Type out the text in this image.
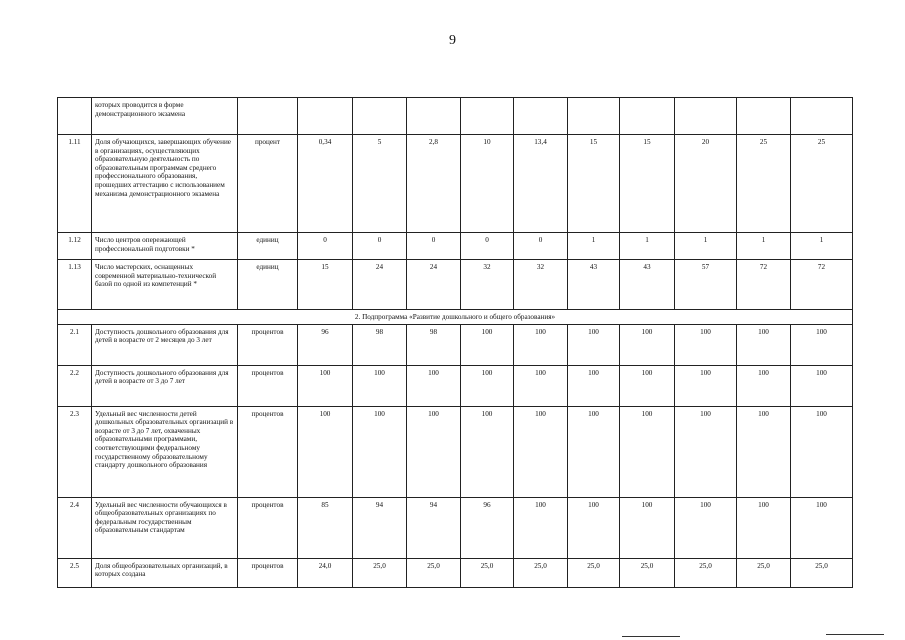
9
	которых проводится в форме демонстрационного экзамена											
1.11	Доля обучающихся, завершающих обучение в организациях, осуществляющих образовательную деятельность по образовательным программам среднего профессионального образования, прошедших аттестацию с использованием механизма демонстрационного экзамена	процент	0,34	5	2,8	10	13,4	15	15	20	25	25
1.12	Число центров опережающей профессиональной подготовки *	единиц	0	0	0	0	0	1	1	1	1	1
1.13	Число мастерских, оснащенных современной материально-технической базой по одной из компетенций *	единиц	15	24	24	32	32	43	43	57	72	72
2. Подпрограмма «Развитие дошкольного и общего образования»												
2.1	Доступность дошкольного образования для детей в возрасте от 2 месяцев до 3 лет	процентов	96	98	98	100	100	100	100	100	100	100
2.2	Доступность дошкольного образования для детей в возрасте от 3 до 7 лет	процентов	100	100	100	100	100	100	100	100	100	100
2.3	Удельный вес численности детей дошкольных образовательных организаций в возрасте от 3 до 7 лет, охваченных образовательными программами, соответствующими федеральному государственному образовательному стандарту дошкольного образования	процентов	100	100	100	100	100	100	100	100	100	100
2.4	Удельный вес численности обучающихся в общеобразовательных организациях по федеральным государственным образовательным стандартам	процентов	85	94	94	96	100	100	100	100	100	100
2.5	Доля общеобразовательных организаций, в которых создана	процентов	24,0	25,0	25,0	25,0	25,0	25,0	25,0	25,0	25,0	25,0
